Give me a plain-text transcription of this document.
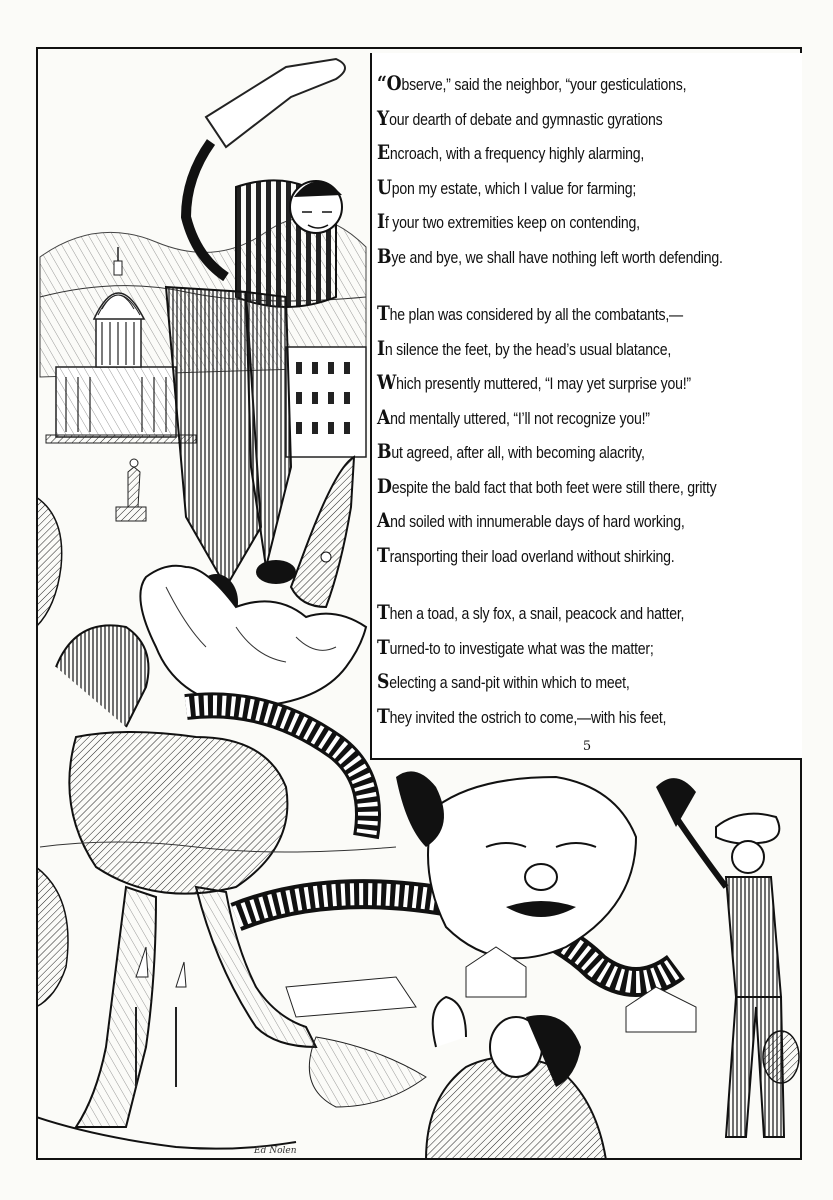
“Observe,” said the neighbor, “your gesticulations,
Your dearth of debate and gymnastic gyrations
Encroach, with a frequency highly alarming,
Upon my estate, which I value for farming;
If your two extremities keep on contending,
Bye and bye, we shall have nothing left worth defending.
The plan was considered by all the combatants,—
In silence the feet, by the head’s usual blatance,
Which presently muttered, “I may yet surprise you!”
And mentally uttered, “I’ll not recognize you!”
But agreed, after all, with becoming alacrity,
Despite the bald fact that both feet were still there, gritty
And soiled with innumerable days of hard working,
Transporting their load overland without shirking.
Then a toad, a sly fox, a snail, peacock and hatter,
Turned-to to investigate what was the matter;
Selecting a sand-pit within which to meet,
They invited the ostrich to come,—with his feet,
5
Ed Nolen
